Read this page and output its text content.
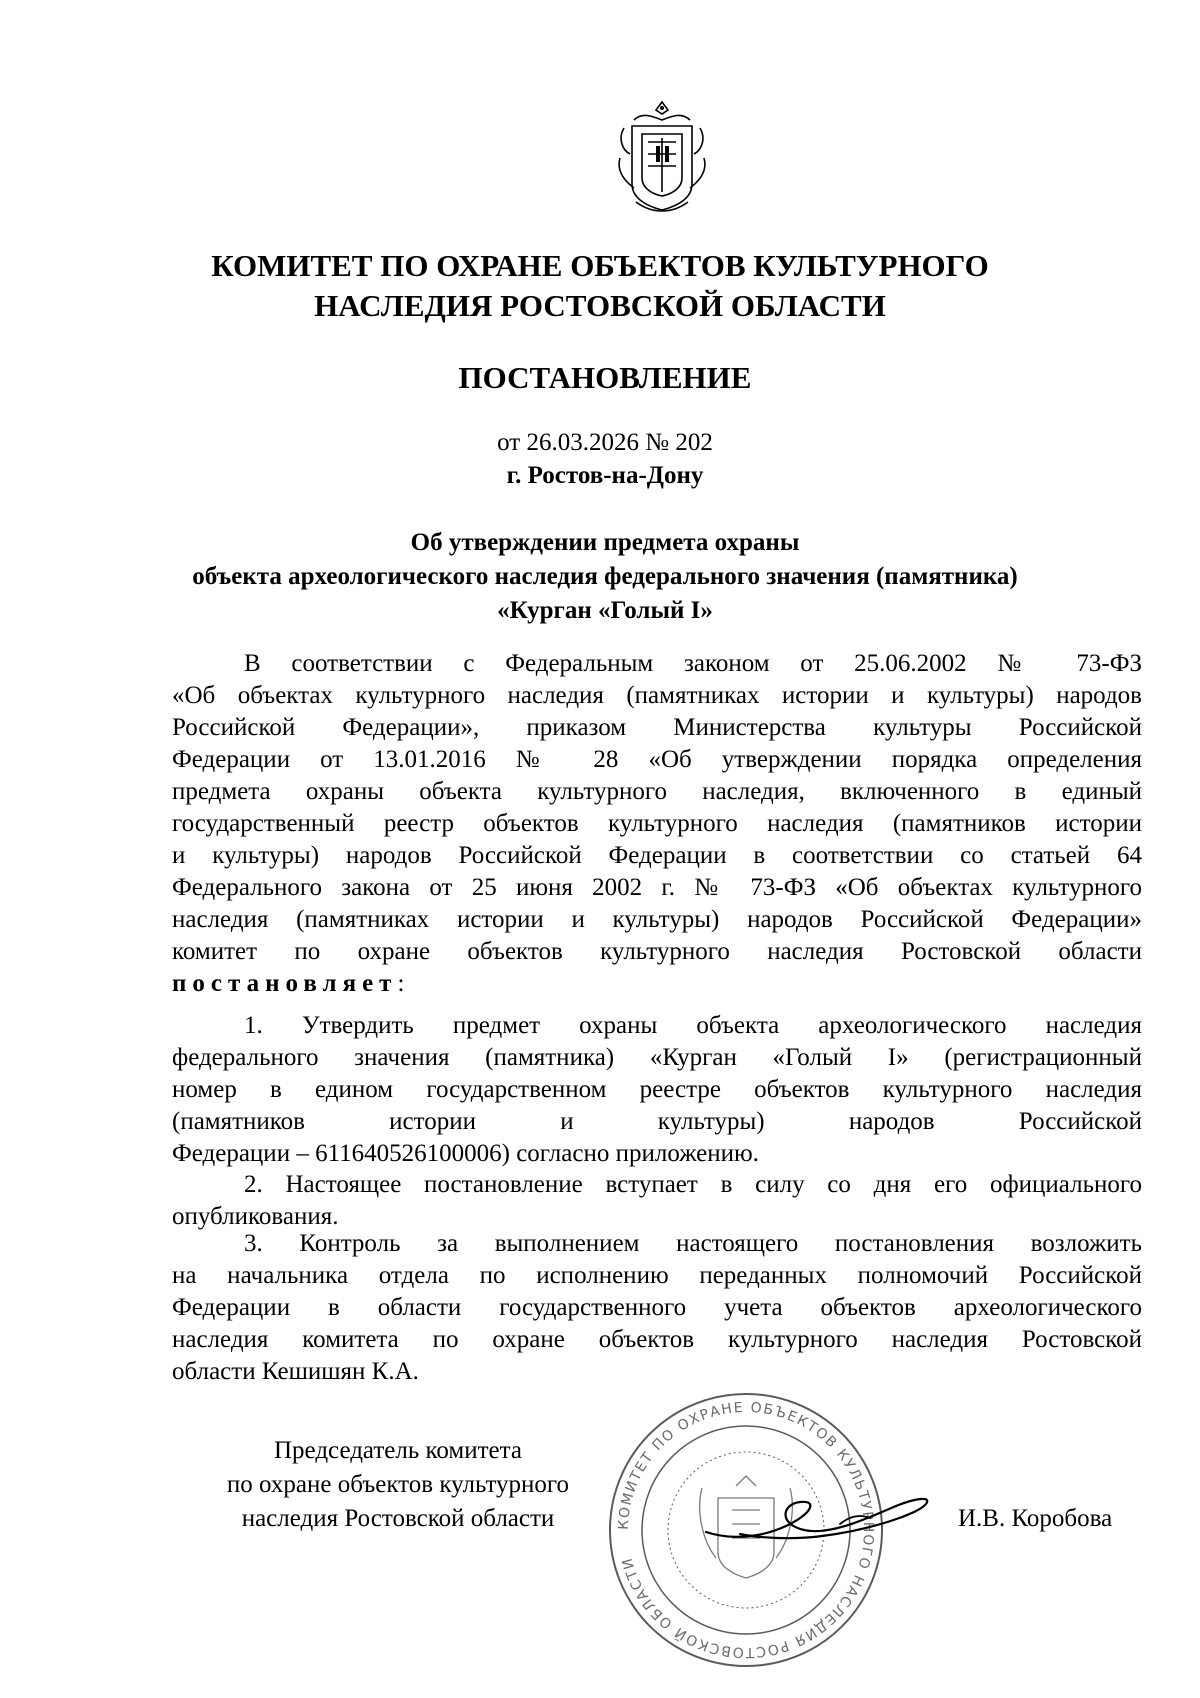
КОМИТЕТ ПО ОХРАНЕ ОБЪЕКТОВ КУЛЬТУРНОГО

НАСЛЕДИЯ РОСТОВСКОЙ ОБЛАСТИ

ПОСТАНОВЛЕНИЕ

от 26.03.2026 № 202
г. Ростов-на-Дону
Об утверждении предмета охраны
объекта археологического наследия федерального значения (памятника)
«Курган «Голый I»
В соответствии с Федеральным законом от 25.06.2002 № 73-ФЗ
«Об объектах культурного наследия (памятниках истории и культуры) народов
Российской Федерации», приказом Министерства культуры Российской
Федерации от 13.01.2016 № 28 «Об утверждении порядка определения
предмета охраны объекта культурного наследия, включенного в единый
государственный реестр объектов культурного наследия (памятников истории
и культуры) народов Российской Федерации в соответствии со статьей 64
Федерального закона от 25 июня 2002 г. № 73-ФЗ «Об объектах культурного
наследия (памятниках истории и культуры) народов Российской Федерации»
комитет по охране объектов культурного наследия Ростовской области
постановляет:
1. Утвердить предмет охраны объекта археологического наследия
федерального значения (памятника) «Курган «Голый I» (регистрационный
номер в едином государственном реестре объектов культурного наследия
(памятников истории и культуры) народов Российской
Федерации – 611640526100006) согласно приложению.
2. Настоящее постановление вступает в силу со дня его официального
опубликования.
3. Контроль за выполнением настоящего постановления возложить
на начальника отдела по исполнению переданных полномочий Российской
Федерации в области государственного учета объектов археологического
наследия комитета по охране объектов культурного наследия Ростовской
области Кешишян К.А.
КОМИТЕТ ПО ОХРАНЕ ОБЪЕКТОВ КУЛЬТУРНОГО НАСЛЕДИЯ РОСТОВСКОЙ ОБЛАСТИ
Председатель комитета
по охране объектов культурного
наследия Ростовской области	И.В. Коробова
